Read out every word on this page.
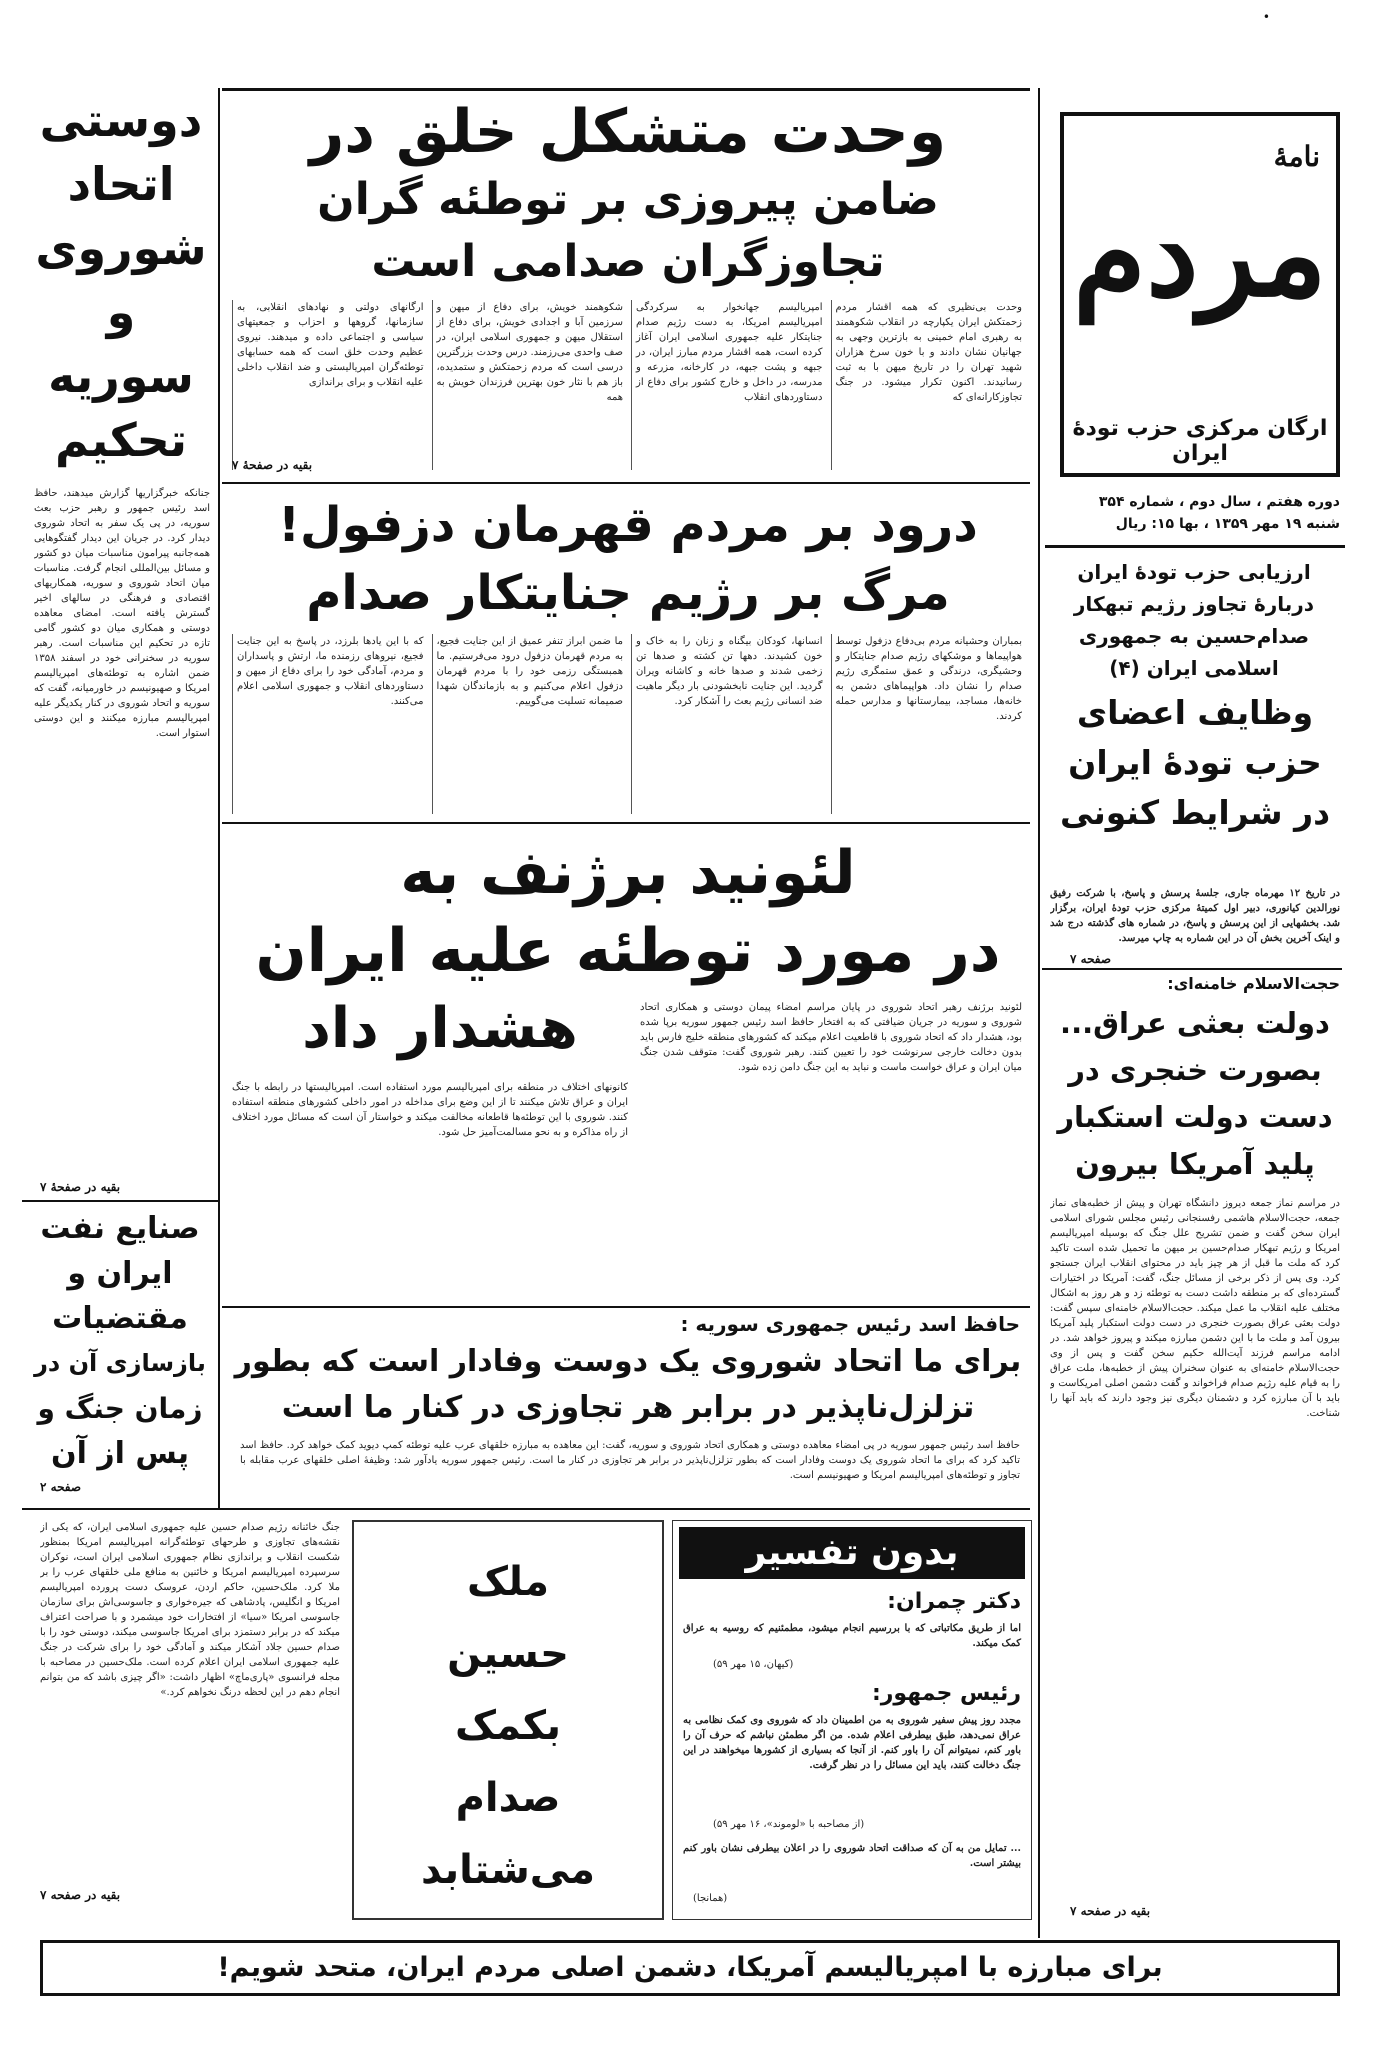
•
نامهٔ
مردم
ارگان مرکزی حزب تودهٔ ایران
دوره هفتم ، سال دوم ، شماره ۳۵۴
شنبه ۱۹ مهر ۱۳۵۹ ، بها ۱۵: ریال
وحدت متشکل خلق در
ضامن پیروزی بر توطئه گران
تجاوزگران صدامی است

وحدت بی‌نظیری که همه اقشار مردم زحمتکش ایران یکپارچه در انقلاب شکوهمند به رهبری امام خمینی به بازترین وجهی به جهانیان نشان دادند و با خون سرخ هزاران شهید تهران را در تاریخ میهن با به ثبت رسانیدند. اکنون تکرار میشود. در جنگ تجاوزکارانه‌ای که

امپریالیسم جهانخوار به سرکردگی امپریالیسم امریکا، به دست رژیم صدام جنایتکار علیه جمهوری اسلامی ایران آغاز کرده است، همه اقشار مردم مبارز ایران، در جبهه و پشت جبهه، در کارخانه، مزرعه و مدرسه، در داخل و خارج کشور برای دفاع از دستاوردهای انقلاب

شکوهمند خویش، برای دفاع از میهن و سرزمین آبا و اجدادی خویش، برای دفاع از استقلال میهن و جمهوری اسلامی ایران، در صف واحدی می‌رزمند. درس وحدت بزرگترین درسی است که مردم زحمتکش و ستمدیده، باز هم با نثار خون بهترین فرزندان خویش به همه

ارگانهای دولتی و نهادهای انقلابی، به سازمانها، گروهها و احزاب و جمعیتهای سیاسی و اجتماعی داده و میدهند. نیروی عظیم وحدت خلق است که همه حسابهای توطئه‌گران امپریالیستی و ضد انقلاب داخلی علیه انقلاب و برای براندازی

بقیه در صفحهٔ ۷
درود بر مردم قهرمان دزفول!
مرگ بر رژیم جنایتکار صدام

بمباران وحشیانه مردم بی‌دفاع دزفول توسط هواپیماها و موشکهای رژیم صدام جنایتکار و وحشیگری، درندگی و عمق ستمگری رژیم صدام را نشان داد. هواپیماهای دشمن به خانه‌ها، مساجد، بیمارستانها و مدارس حمله کردند.

انسانها، کودکان بیگناه و زنان را به خاک و خون کشیدند. دهها تن کشته و صدها تن زخمی شدند و صدها خانه و کاشانه ویران گردید. این جنایت نابخشودنی بار دیگر ماهیت ضد انسانی رژیم بعث را آشکار کرد.

ما ضمن ابراز تنفر عمیق از این جنایت فجیع، به مردم قهرمان دزفول درود می‌فرستیم. ما همبستگی رزمی خود را با مردم قهرمان دزفول اعلام می‌کنیم و به بازماندگان شهدا صمیمانه تسلیت می‌گوییم.

که با این یادها بلرزد، در پاسخ به این جنایت فجیع، نیروهای رزمنده ما، ارتش و پاسداران و مردم، آمادگی خود را برای دفاع از میهن و دستاوردهای انقلاب و جمهوری اسلامی اعلام می‌کنند.

لئونید برژنف به
در مورد توطئه علیه ایران
هشدار داد	لئونید برژنف رهبر اتحاد شوروی در پایان مراسم امضاء پیمان دوستی و همکاری اتحاد شوروی و سوریه در جریان ضیافتی که به افتخار حافظ اسد رئیس جمهور سوریه برپا شده بود، هشدار داد که اتحاد شوروی با قاطعیت اعلام میکند که کشورهای منطقه خلیج فارس باید بدون دخالت خارجی سرنوشت خود را تعیین کنند. رهبر شوروی گفت: متوقف شدن جنگ میان ایران و عراق خواست ماست و نباید به این جنگ دامن زده شود.

کانونهای اختلاف در منطقه برای امپریالیسم مورد استفاده است. امپریالیستها در رابطه با جنگ ایران و عراق تلاش میکنند تا از این وضع برای مداخله در امور داخلی کشورهای منطقه استفاده کنند. شوروی با این توطئه‌ها قاطعانه مخالفت میکند و خواستار آن است که مسائل مورد اختلاف از راه مذاکره و به نحو مسالمت‌آمیز حل شود.

حافظ اسد رئیس جمهوری سوریه :
برای ما اتحاد شوروی یک دوست وفادار است که بطور
تزلزل‌ناپذیر در برابر هر تجاوزی در کنار ما است

حافظ اسد رئیس جمهور سوریه در پی امضاء معاهده دوستی و همکاری اتحاد شوروی و سوریه، گفت: این معاهده به مبارزه خلقهای عرب علیه توطئه کمپ دیوید کمک خواهد کرد. حافظ اسد تاکید کرد که برای ما اتحاد شوروی یک دوست وفادار است که بطور تزلزل‌ناپذیر در برابر هر تجاوزی در کنار ما است. رئیس جمهور سوریه یادآور شد: وظیفهٔ اصلی خلقهای عرب مقابله با تجاوز و توطئه‌های امپریالیسم امریکا و صهیونیسم است.

دوستی
اتحاد
شوروی
و سوریه
تحکیم

جنانکه خبرگزاریها گزارش میدهند، حافظ اسد رئیس جمهور و رهبر حزب بعث سوریه، در پی یک سفر به اتحاد شوروی دیدار کرد. در جریان این دیدار گفتگوهایی همه‌جانبه پیرامون مناسبات میان دو کشور و مسائل بین‌المللی انجام گرفت. مناسبات میان اتحاد شوروی و سوریه، همکاریهای اقتصادی و فرهنگی در سالهای اخیر گسترش یافته است. امضای معاهده دوستی و همکاری میان دو کشور گامی تازه در تحکیم این مناسبات است. رهبر سوریه در سخنرانی خود در اسفند ۱۳۵۸ ضمن اشاره به توطئه‌های امپریالیسم امریکا و صهیونیسم در خاورمیانه، گفت که سوریه و اتحاد شوروی در کنار یکدیگر علیه امپریالیسم مبارزه میکنند و این دوستی استوار است.

بقیه در صفحهٔ ۷
صنایع نفت
ایران و
مقتضیات
بازسازی آن در
زمان جنگ و
پس از آن
صفحه ۲
ارزیابی حزب تودهٔ ایران دربارهٔ تجاوز رژیم تبهکار صدام‌حسین به جمهوری اسلامی ایران (۴)
وظایف اعضای حزب تودهٔ ایران در شرایط کنونی

در تاریخ ۱۲ مهرماه جاری، جلسهٔ پرسش و پاسخ، با شرکت رفیق نورالدین کیانوری، دبیر اول کمیتهٔ مرکزی حزب تودهٔ ایران، برگزار شد. بخشهایی از این پرسش و پاسخ، در شماره های گذشته درج شد و اینک آخرین بخش آن در این شماره به چاپ میرسد.

صفحه ۷
حجت‌الاسلام خامنه‌ای:
دولت بعثی عراق... بصورت خنجری در دست دولت استکبار پلید آمریکا بیرون

در مراسم نماز جمعه دیروز دانشگاه تهران و پیش از خطبه‌های نماز جمعه، حجت‌الاسلام هاشمی رفسنجانی رئیس مجلس شورای اسلامی ایران سخن گفت و ضمن تشریح علل جنگ که بوسیله امپریالیسم امریکا و رژیم تبهکار صدام‌حسین بر میهن ما تحمیل شده است تاکید کرد که ملت ما قبل از هر چیز باید در محتوای انقلاب ایران جستجو کرد. وی پس از ذکر برخی از مسائل جنگ، گفت: آمریکا در اختیارات گسترده‌ای که بر منطقه داشت دست به توطئه زد و هر روز به اشکال مختلف علیه انقلاب ما عمل میکند. حجت‌الاسلام خامنه‌ای سپس گفت: دولت بعثی عراق بصورت خنجری در دست دولت استکبار پلید آمریکا بیرون آمد و ملت ما با این دشمن مبارزه میکند و پیروز خواهد شد. در ادامه مراسم فرزند آیت‌الله حکیم سخن گفت و پس از وی حجت‌الاسلام خامنه‌ای به عنوان سخنران پیش از خطبه‌ها، ملت عراق را به قیام علیه رژیم صدام فراخواند و گفت دشمن اصلی امریکاست و باید با آن مبارزه کرد و دشمنان دیگری نیز وجود دارند که باید آنها را شناخت.

بقیه در صفحه ۷

جنگ خائنانه رژیم صدام حسین علیه جمهوری اسلامی ایران، که یکی از نقشه‌های تجاوزی و طرحهای توطئه‌گرانه امپریالیسم امریکا بمنظور شکست انقلاب و براندازی نظام جمهوری اسلامی ایران است، نوکران سرسپرده امپریالیسم امریکا و خائنین به منافع ملی خلقهای عرب را بر ملا کرد. ملک‌حسین، حاکم اردن، عروسک دست پرورده امپریالیسم امریکا و انگلیس، پادشاهی که جیره‌خواری و جاسوسی‌اش برای سازمان جاسوسی امریکا «سیا» از افتخارات خود میشمرد و با صراحت اعتراف میکند که در برابر دستمزد برای امریکا جاسوسی میکند، دوستی خود را با صدام حسین جلاد آشکار میکند و آمادگی خود را برای شرکت در جنگ علیه جمهوری اسلامی ایران اعلام کرده است. ملک‌حسین در مصاحبه با مجله فرانسوی «پاری‌ماچ» اظهار داشت: «اگر چیزی باشد که من بتوانم انجام دهم در این لحظه درنگ نخواهم کرد.»

بقیه در صفحه ۷
ملک
حسین
بکمک
صدام
می‌شتابد
بدون تفسیر
دکتر چمران:

اما از طریق مکاتباتی که با بررسیم انجام میشود، مطمئنیم که روسیه به عراق کمک میکند.

(کیهان، ۱۵ مهر ۵۹)
رئیس جمهور:

مجدد روز پیش سفیر شوروی به من اطمینان داد که شوروی وی کمک نظامی به عراق نمی‌دهد، طبق بیطرفی اعلام شده. من اگر مطمئن نباشم که حرف آن را باور کنم، نمیتوانم آن را باور کنم. از آنجا که بسیاری از کشورها میخواهند در این جنگ دخالت کنند، باید این مسائل را در نظر گرفت.

(از مصاحبه با «لوموند»، ۱۶ مهر ۵۹)

... تمایل من به آن که صداقت اتحاد شوروی را در اعلان بیطرفی نشان باور کنم بیشتر است.

(همانجا)
برای مبارزه با امپریالیسم آمریکا، دشمن اصلی مردم ایران، متحد شویم!
